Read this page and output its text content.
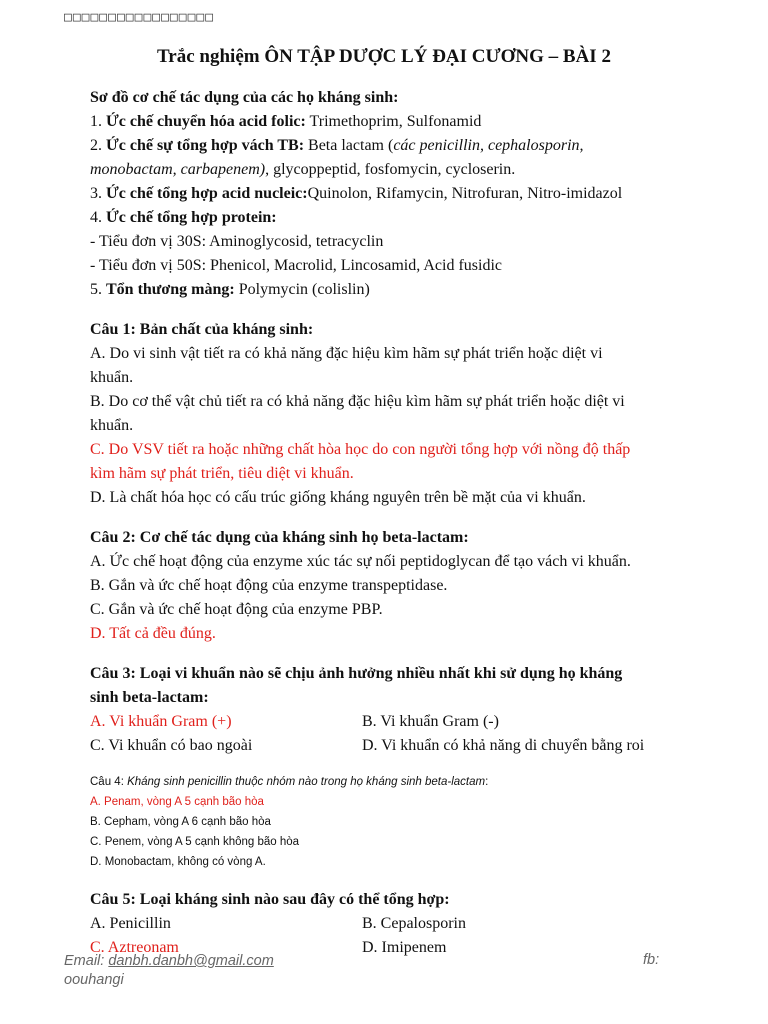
□□□□□□□□□□□□□□□□□
Trắc nghiệm ÔN TẬP DƯỢC LÝ ĐẠI CƯƠNG – BÀI 2

Sơ đồ cơ chế tác dụng của các họ kháng sinh:

1. Ức chế chuyển hóa acid folic: Trimethoprim, Sulfonamid

2. Ức chế sự tổng hợp vách TB: Beta lactam (các penicillin, cephalosporin,

monobactam, carbapenem), glycoppeptid, fosfomycin, cycloserin.

3. Ức chế tổng hợp acid nucleic:Quinolon, Rifamycin, Nitrofuran, Nitro-imidazol

4. Ức chế tổng hợp protein:

- Tiểu đơn vị 30S: Aminoglycosid, tetracyclin

- Tiểu đơn vị 50S: Phenicol, Macrolid, Lincosamid, Acid fusidic

5. Tổn thương màng: Polymycin (colislin)

Câu 1: Bản chất của kháng sinh:

A. Do vi sinh vật tiết ra có khả năng đặc hiệu kìm hãm sự phát triển hoặc diệt vi

khuẩn.

B. Do cơ thể vật chủ tiết ra có khả năng đặc hiệu kìm hãm sự phát triển hoặc diệt vi

khuẩn.

C. Do VSV tiết ra hoặc những chất hòa học do con người tổng hợp với nồng độ thấp

kìm hãm sự phát triển, tiêu diệt vi khuẩn.

D. Là chất hóa học có cấu trúc giống kháng nguyên trên bề mặt của vi khuẩn.

Câu 2: Cơ chế tác dụng của kháng sinh họ beta-lactam:

A. Ức chế hoạt động của enzyme xúc tác sự nối peptidoglycan để tạo vách vi khuẩn.

B. Gắn và ức chế hoạt động của enzyme transpeptidase.

C. Gắn và ức chế hoạt động của enzyme PBP.

D. Tất cả đều đúng.

Câu 3: Loại vi khuẩn nào sẽ chịu ảnh hưởng nhiều nhất khi sử dụng họ kháng

sinh beta-lactam:

A. Vi khuẩn Gram (+)	B. Vi khuẩn Gram (-)
C. Vi khuẩn có bao ngoài	D. Vi khuẩn có khả năng di chuyển bằng roi

Câu 4: Kháng sinh penicillin thuộc nhóm nào trong họ kháng sinh beta-lactam:

A. Penam, vòng A 5 cạnh bão hòa

B. Cepham, vòng A 6 cạnh bão hòa

C. Penem, vòng A 5 cạnh không bão hòa

D. Monobactam, không có vòng A.

Câu 5: Loại kháng sinh nào sau đây có thể tổng hợp:

A. Penicillin	B. Cepalosporin
C. Aztreonam	D. Imipenem
Email: danbh.danbh@gmail.com
oouhangi
fb:
